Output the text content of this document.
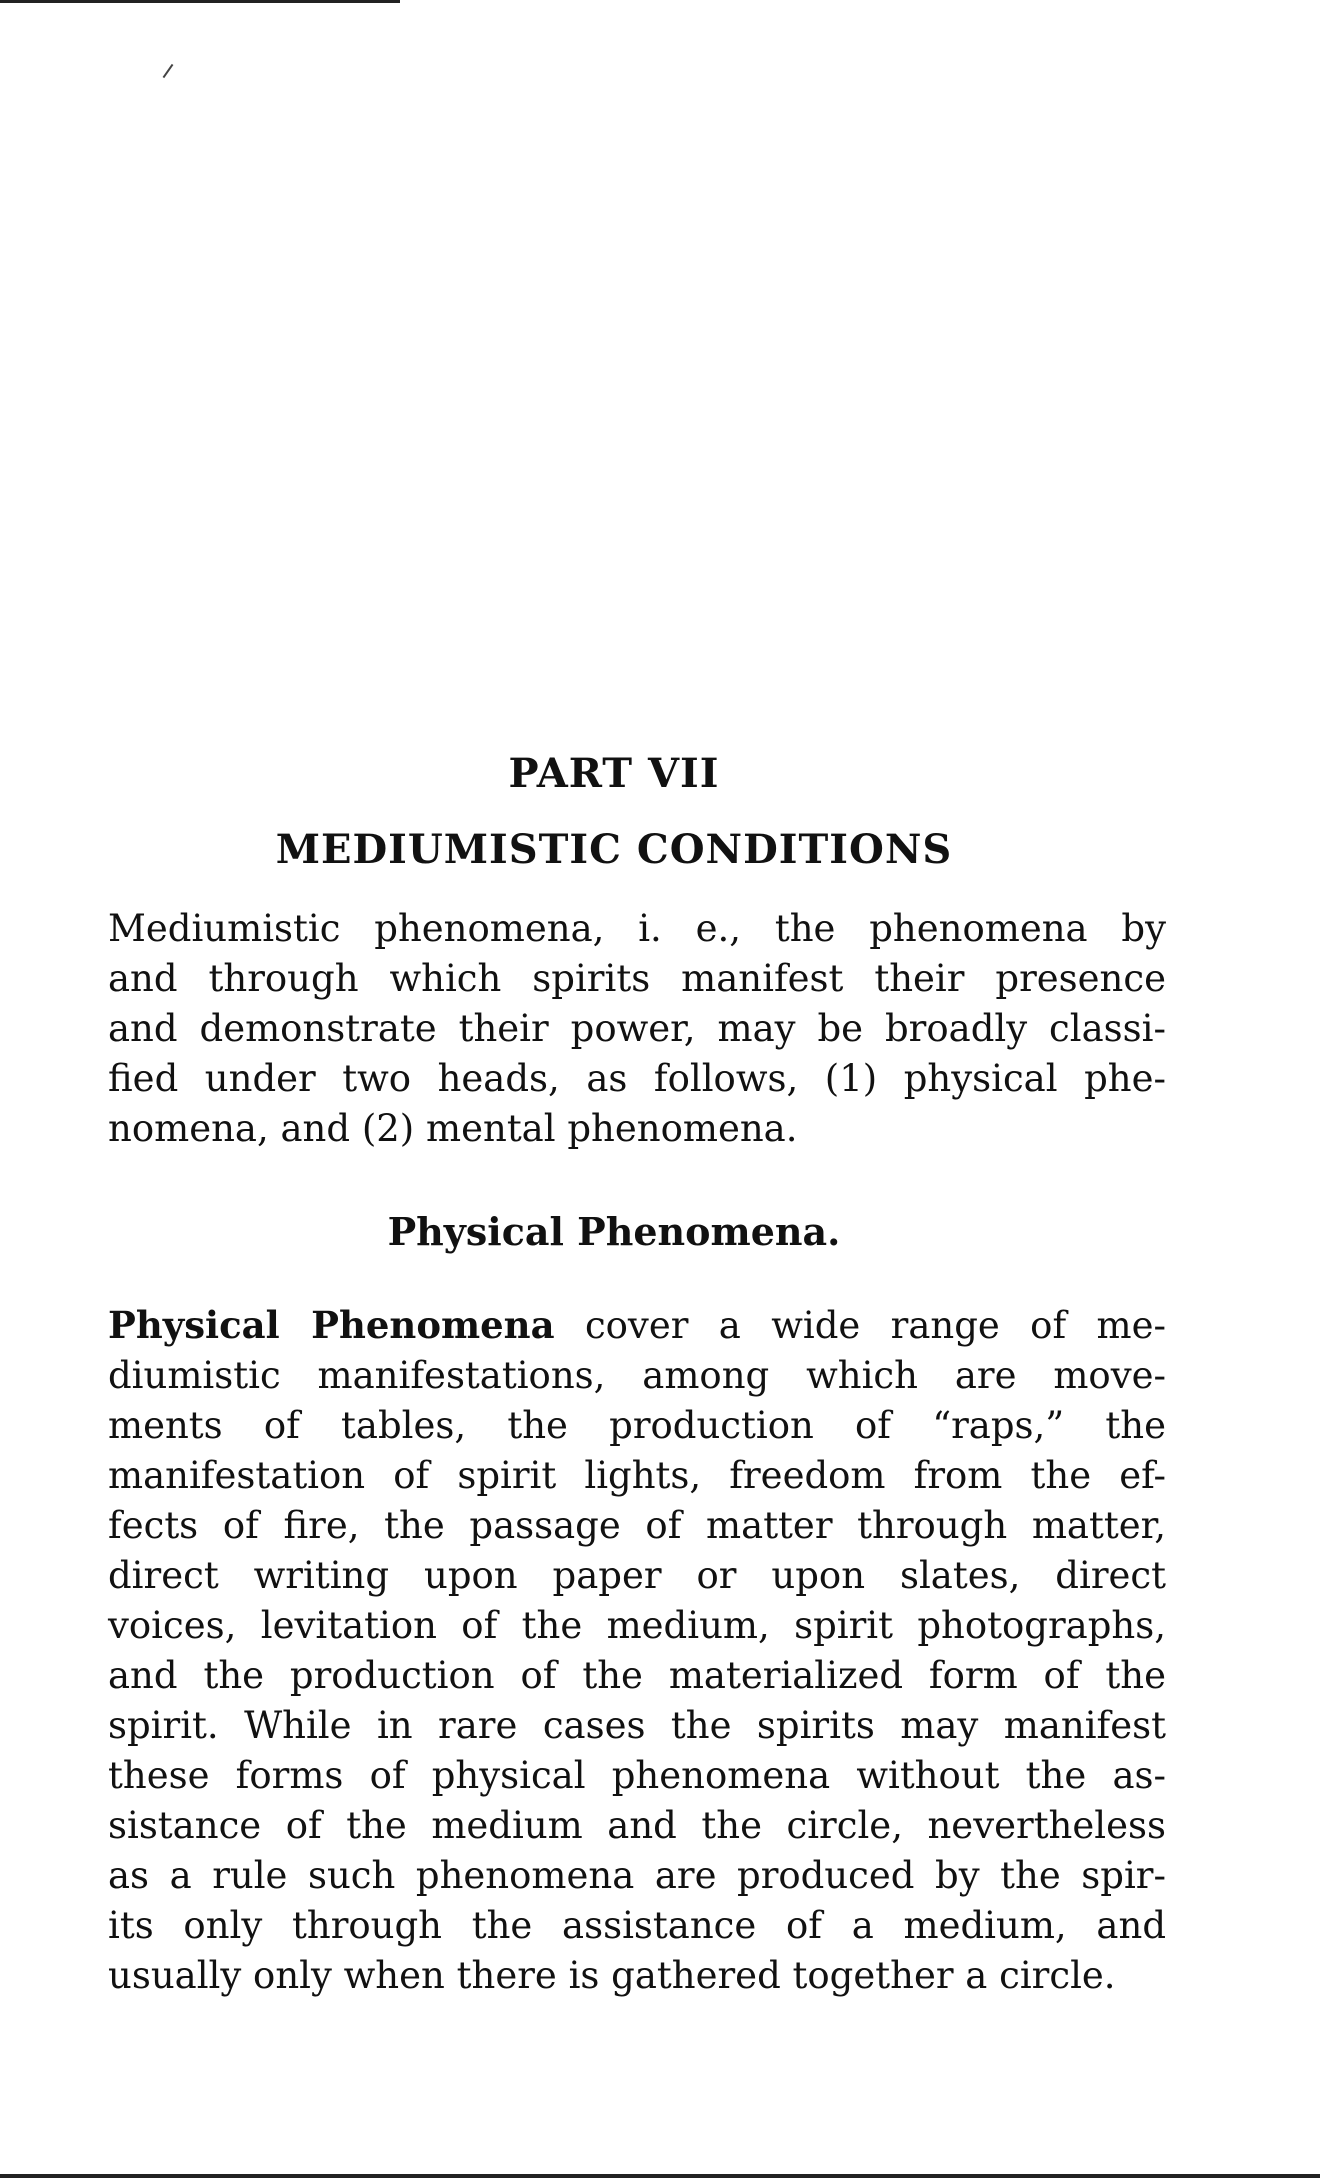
PART VII
MEDIUMISTIC CONDITIONS

Mediumistic phenomena, i. e., the phenomena by
and through which spirits manifest their presence
and demonstrate their power, may be broadly classi-
fied under two heads, as follows, (1) physical phe-
nomena, and (2) mental phenomena.

Physical Phenomena.

Physical Phenomena cover a wide range of me-
diumistic manifestations, among which are move-
ments of tables, the production of “raps,” the
manifestation of spirit lights, freedom from the ef-
fects of fire, the passage of matter through matter,
direct writing upon paper or upon slates, direct
voices, levitation of the medium, spirit photographs,
and the production of the materialized form of the
spirit. While in rare cases the spirits may manifest
these forms of physical phenomena without the as-
sistance of the medium and the circle, nevertheless
as a rule such phenomena are produced by the spir-
its only through the assistance of a medium, and
usually only when there is gathered together a circle.
